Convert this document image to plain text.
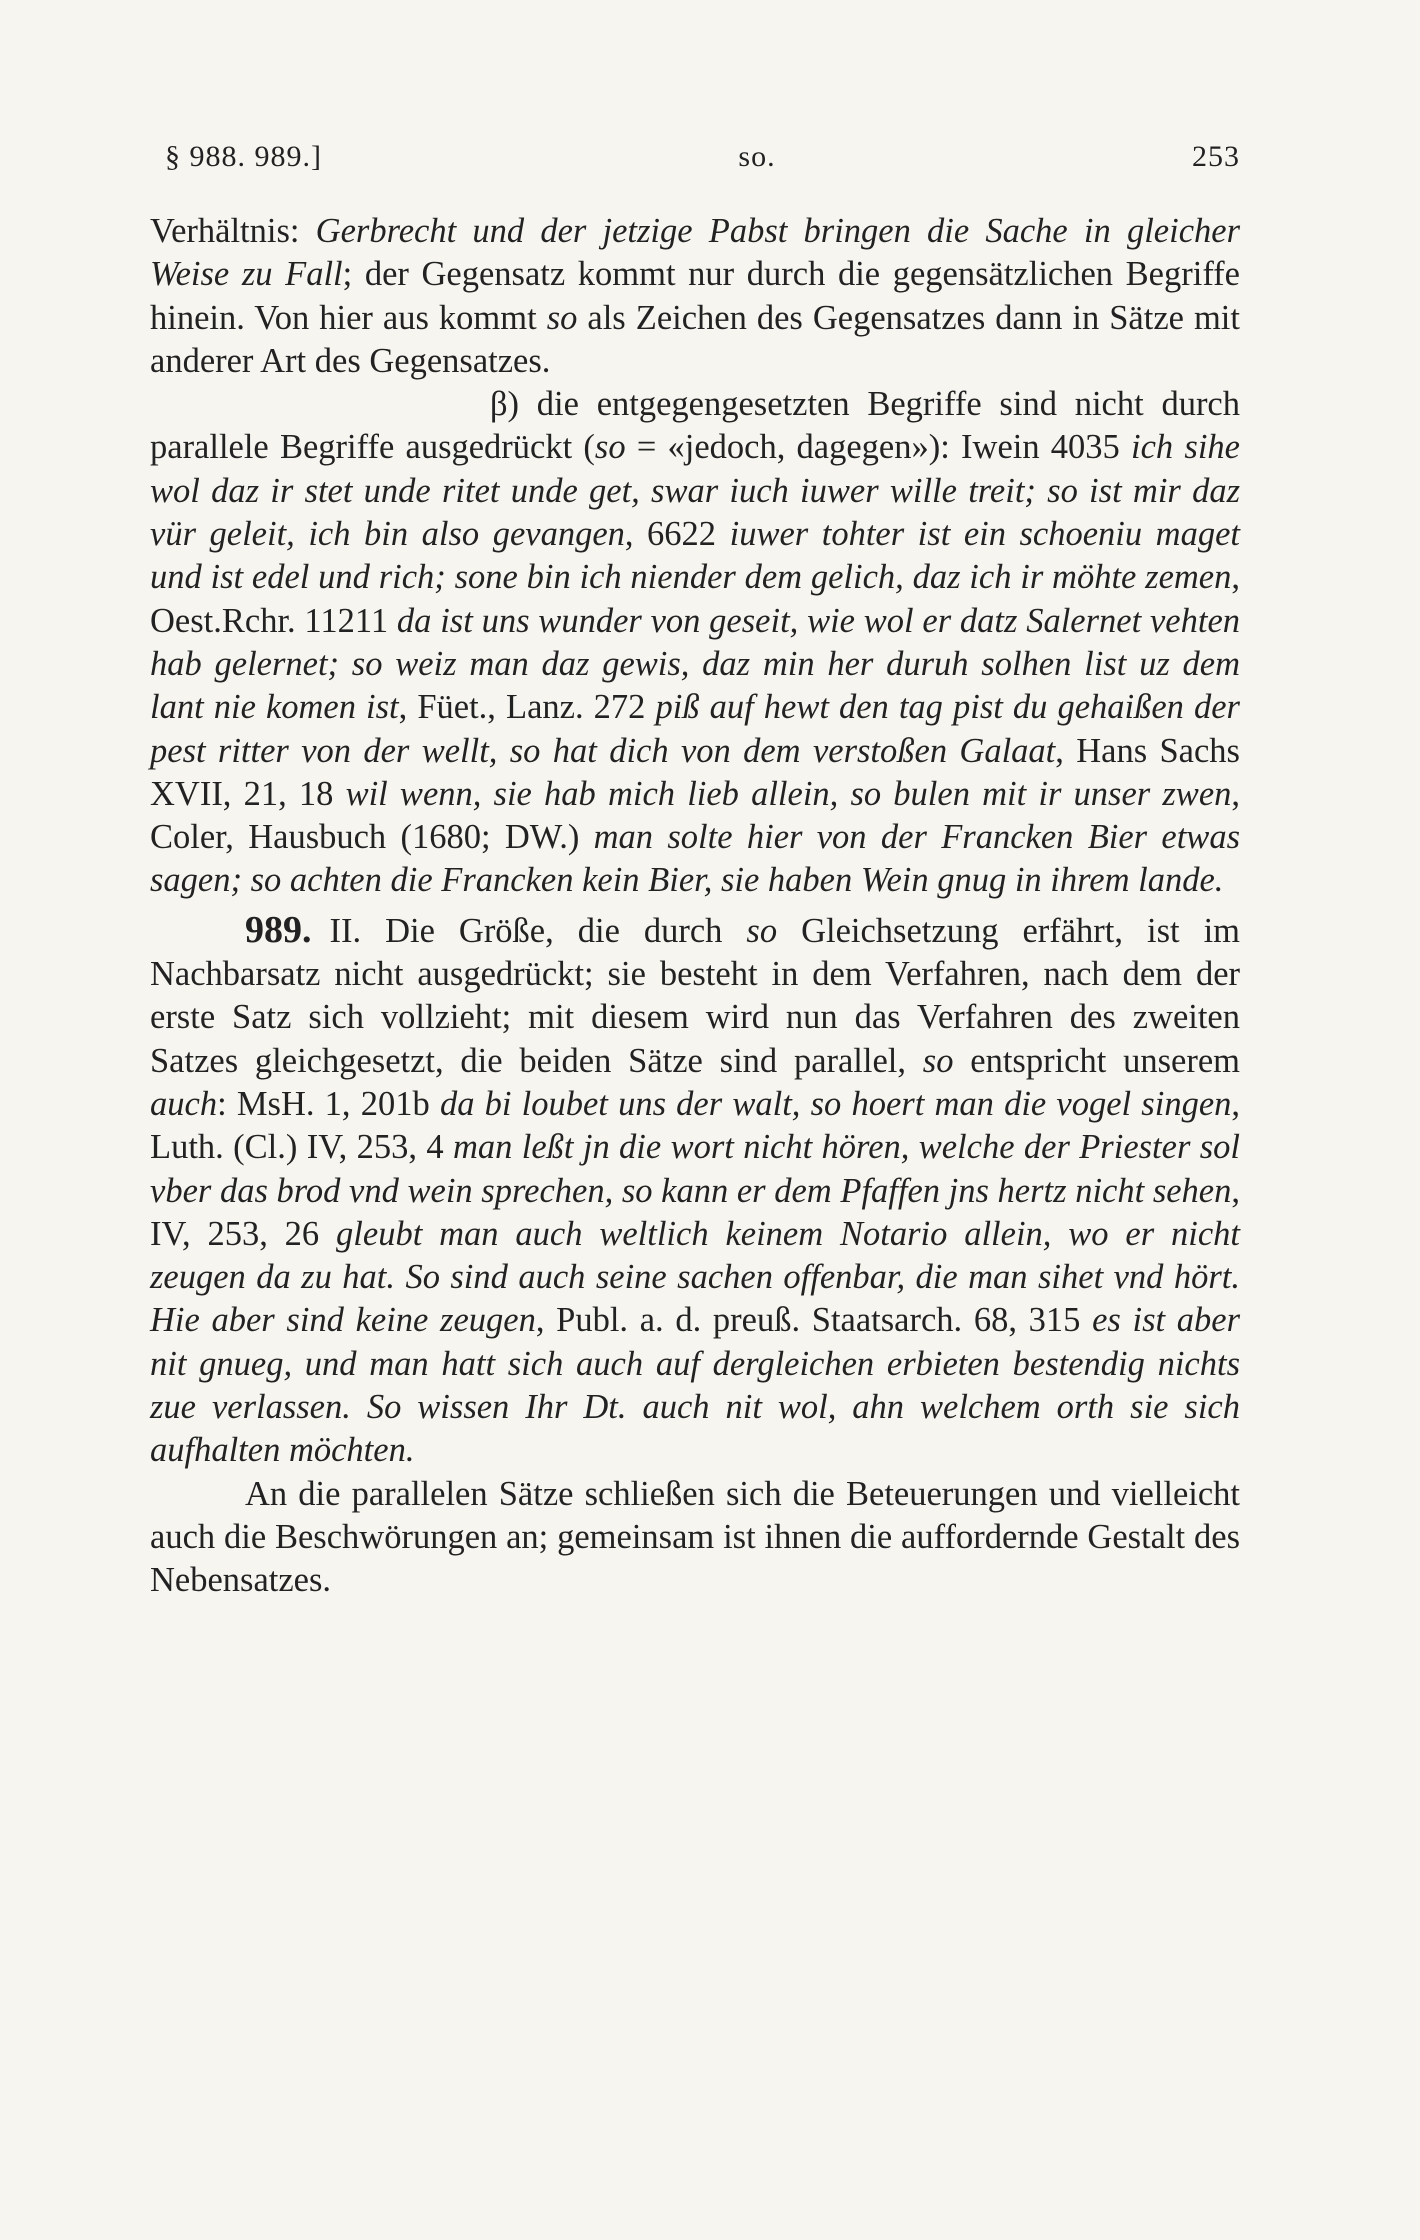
§ 988. 989.]	so.	253

Verhältnis: Gerbrecht und der jetzige Pabst bringen die Sache in gleicher Weise zu Fall; der Gegensatz kommt nur durch die gegensätzlichen Begriffe hinein. Von hier aus kommt so als Zeichen des Gegensatzes dann in Sätze mit anderer Art des Gegensatzes.

β) die entgegengesetzten Begriffe sind nicht durch parallele Begriffe ausgedrückt (so = «jedoch, dagegen»): Iwein 4035 ich sihe wol daz ir stet unde ritet unde get, swar iuch iuwer wille treit; so ist mir daz vür geleit, ich bin also gevangen, 6622 iuwer tohter ist ein schoeniu maget und ist edel und rich; sone bin ich niender dem gelich, daz ich ir möhte zemen, Oest.Rchr. 11211 da ist uns wunder von geseit, wie wol er datz Salernet vehten hab gelernet; so weiz man daz gewis, daz min her duruh solhen list uz dem lant nie komen ist, Füet., Lanz. 272 piß auf hewt den tag pist du gehaißen der pest ritter von der wellt, so hat dich von dem verstoßen Galaat, Hans Sachs XVII, 21, 18 wil wenn, sie hab mich lieb allein, so bulen mit ir unser zwen, Coler, Hausbuch (1680; DW.) man solte hier von der Francken Bier etwas sagen; so achten die Francken kein Bier, sie haben Wein gnug in ihrem lande.

989. II. Die Größe, die durch so Gleichsetzung erfährt, ist im Nachbarsatz nicht ausgedrückt; sie besteht in dem Verfahren, nach dem der erste Satz sich vollzieht; mit diesem wird nun das Verfahren des zweiten Satzes gleichgesetzt, die beiden Sätze sind parallel, so entspricht unserem auch: MsH. 1, 201b da bi loubet uns der walt, so hoert man die vogel singen, Luth. (Cl.) IV, 253, 4 man leßt jn die wort nicht hören, welche der Priester sol vber das brod vnd wein sprechen, so kann er dem Pfaffen jns hertz nicht sehen, IV, 253, 26 gleubt man auch weltlich keinem Notario allein, wo er nicht zeugen da zu hat. So sind auch seine sachen offenbar, die man sihet vnd hört. Hie aber sind keine zeugen, Publ. a. d. preuß. Staatsarch. 68, 315 es ist aber nit gnueg, und man hatt sich auch auf dergleichen erbieten bestendig nichts zue verlassen. So wissen Ihr Dt. auch nit wol, ahn welchem orth sie sich aufhalten möchten.

An die parallelen Sätze schließen sich die Beteuerungen und vielleicht auch die Beschwörungen an; gemeinsam ist ihnen die auffordernde Gestalt des Nebensatzes.
